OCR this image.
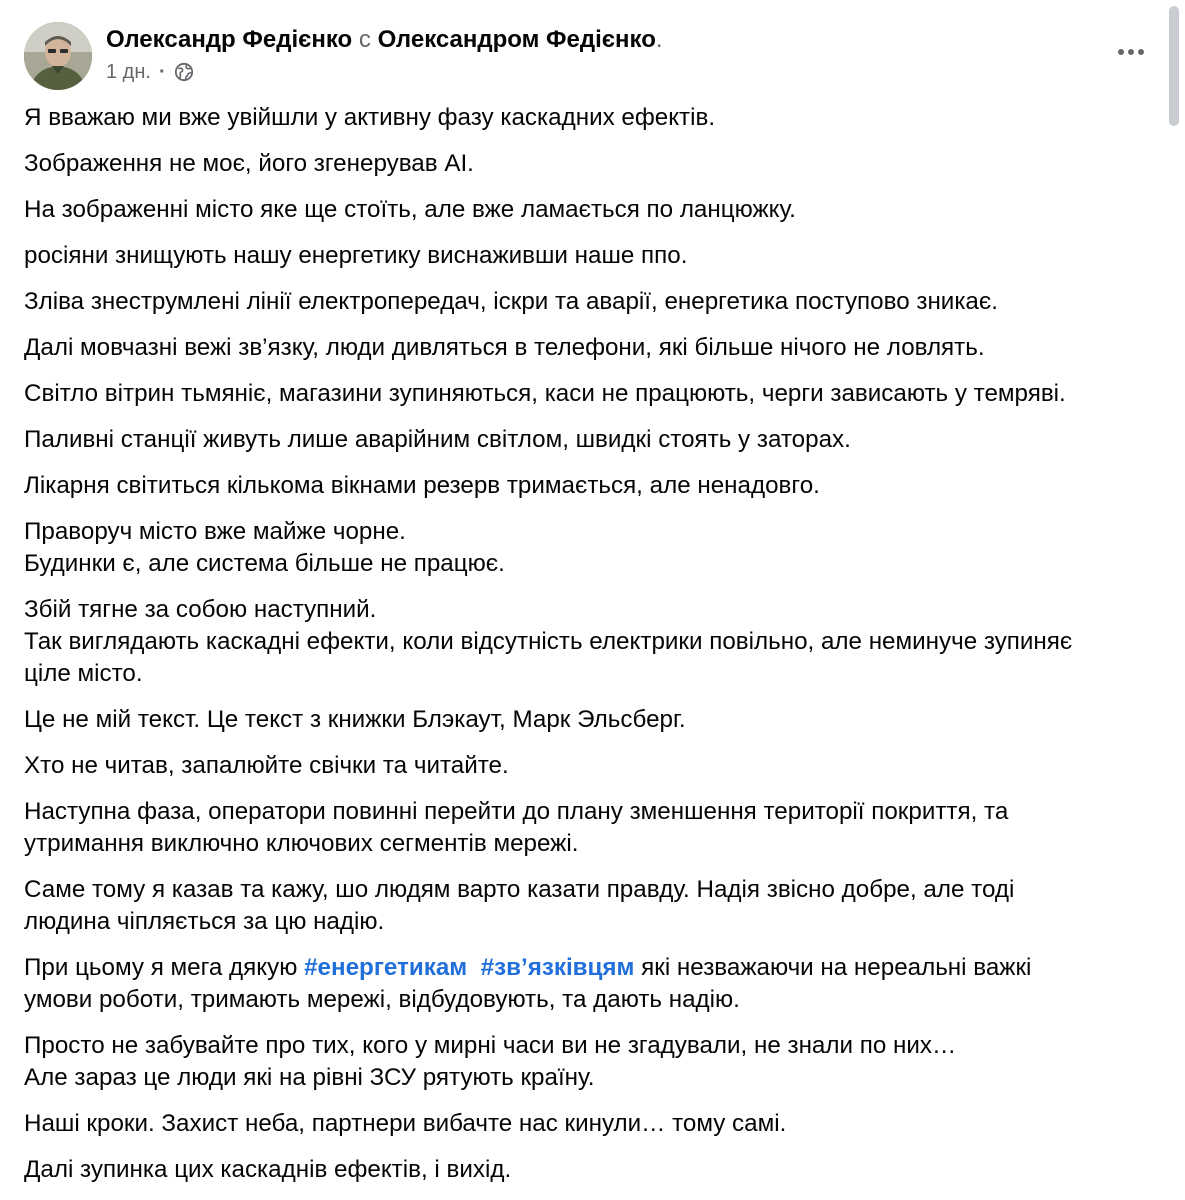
Олександр Федієнко с Олександром Федієнко.
1 дн. ·

Я вважаю ми вже увійшли у активну фазу каскадних ефектів.

Зображення не моє, його згенерував AI.

На зображенні місто яке ще стоїть, але вже ламається по ланцюжку.

росіяни знищують нашу енергетику виснаживши наше ппо.

Зліва знеструмлені лінії електропередач, іскри та аварії, енергетика поступово зникає.

Далі мовчазні вежі зв’язку, люди дивляться в телефони, які більше нічого не ловлять.

Світло вітрин тьмяніє, магазини зупиняються, каси не працюють, черги зависають у темряві.

Паливні станції живуть лише аварійним світлом, швидкі стоять у заторах.

Лікарня світиться кількома вікнами резерв тримається, але ненадовго.

Праворуч місто вже майже чорне.
Будинки є, але система більше не працює.

Збій тягне за собою наступний.
Так виглядають каскадні ефекти, коли відсутність електрики повільно, але неминуче зупиняє
ціле місто.

Це не мій текст. Це текст з книжки Блэкаут, Марк Эльсберг.

Хто не читав, запалюйте свічки та читайте.

Наступна фаза, оператори повинні перейти до плану зменшення території покриття, та
утримання виключно ключових сегментів мережі.

Саме тому я казав та кажу, шо людям варто казати правду. Надія звісно добре, але тоді
людина чіпляється за цю надію.

При цьому я мега дякую #енергетикам #зв’язківцям які незважаючи на нереальні важкі
умови роботи, тримають мережі, відбудовують, та дають надію.

Просто не забувайте про тих, кого у мирні часи ви не згадували, не знали по них…
Але зараз це люди які на рівні ЗСУ рятують країну.

Наші кроки. Захист неба, партнери вибачте нас кинули… тому самі.

Далі зупинка цих каскаднів ефектів, і вихід.
